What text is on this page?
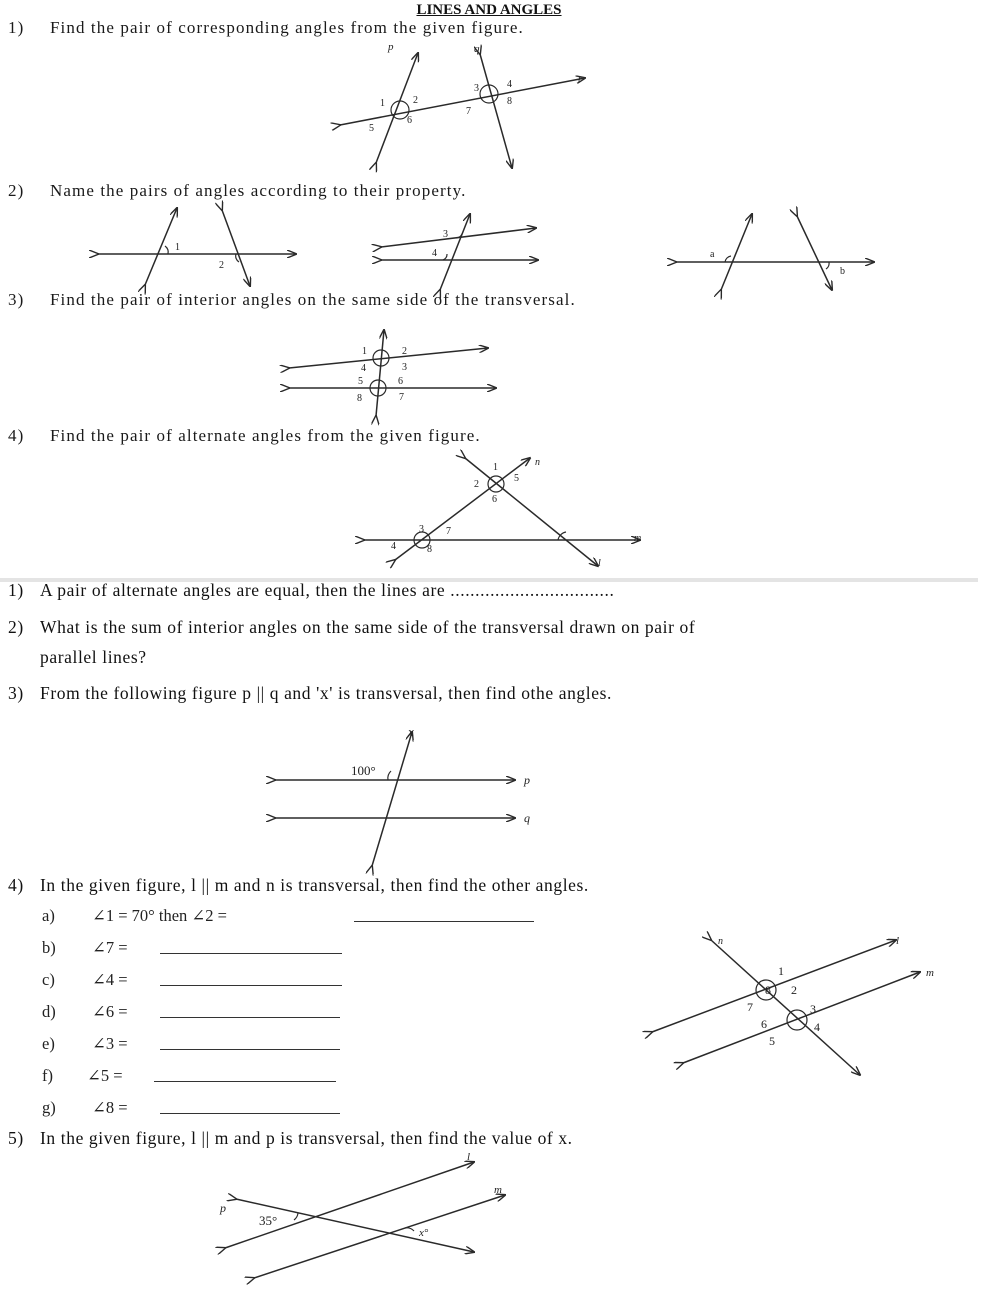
LINES AND ANGLES
1) Find the pair of corresponding angles from the given figure.
2) Name the pairs of angles according to their property.
3) Find the pair of interior angles on the same side of the transversal.
4) Find the pair of alternate angles from the given figure.
1) A pair of alternate angles are equal, then the lines are .................................
2) What is the sum of interior angles on the same side of the transversal drawn on pair of
parallel lines?
3) From the following figure p || q and 'x' is transversal, then find othe angles.
4) In the given figure, l || m and n is transversal, then find the other angles.
5) In the given figure, l || m and p is transversal, then find the value of x.
a) ∠1 = 70° then ∠2 =
b) ∠7 =
c) ∠4 =
d) ∠6 =
e) ∠3 =
f) ∠5 =
g) ∠8 =
p	q
r
1	2
3	4
5
6
7
8
1
2
3
4	a
b
1	2
3
4
5	6
7
8
n
m
l
1
2
3
4
5
6
7
8
x
p
q
100°
n	l
m
1
2
3
4
5
6
7
8
p
l
m
35°
x°
